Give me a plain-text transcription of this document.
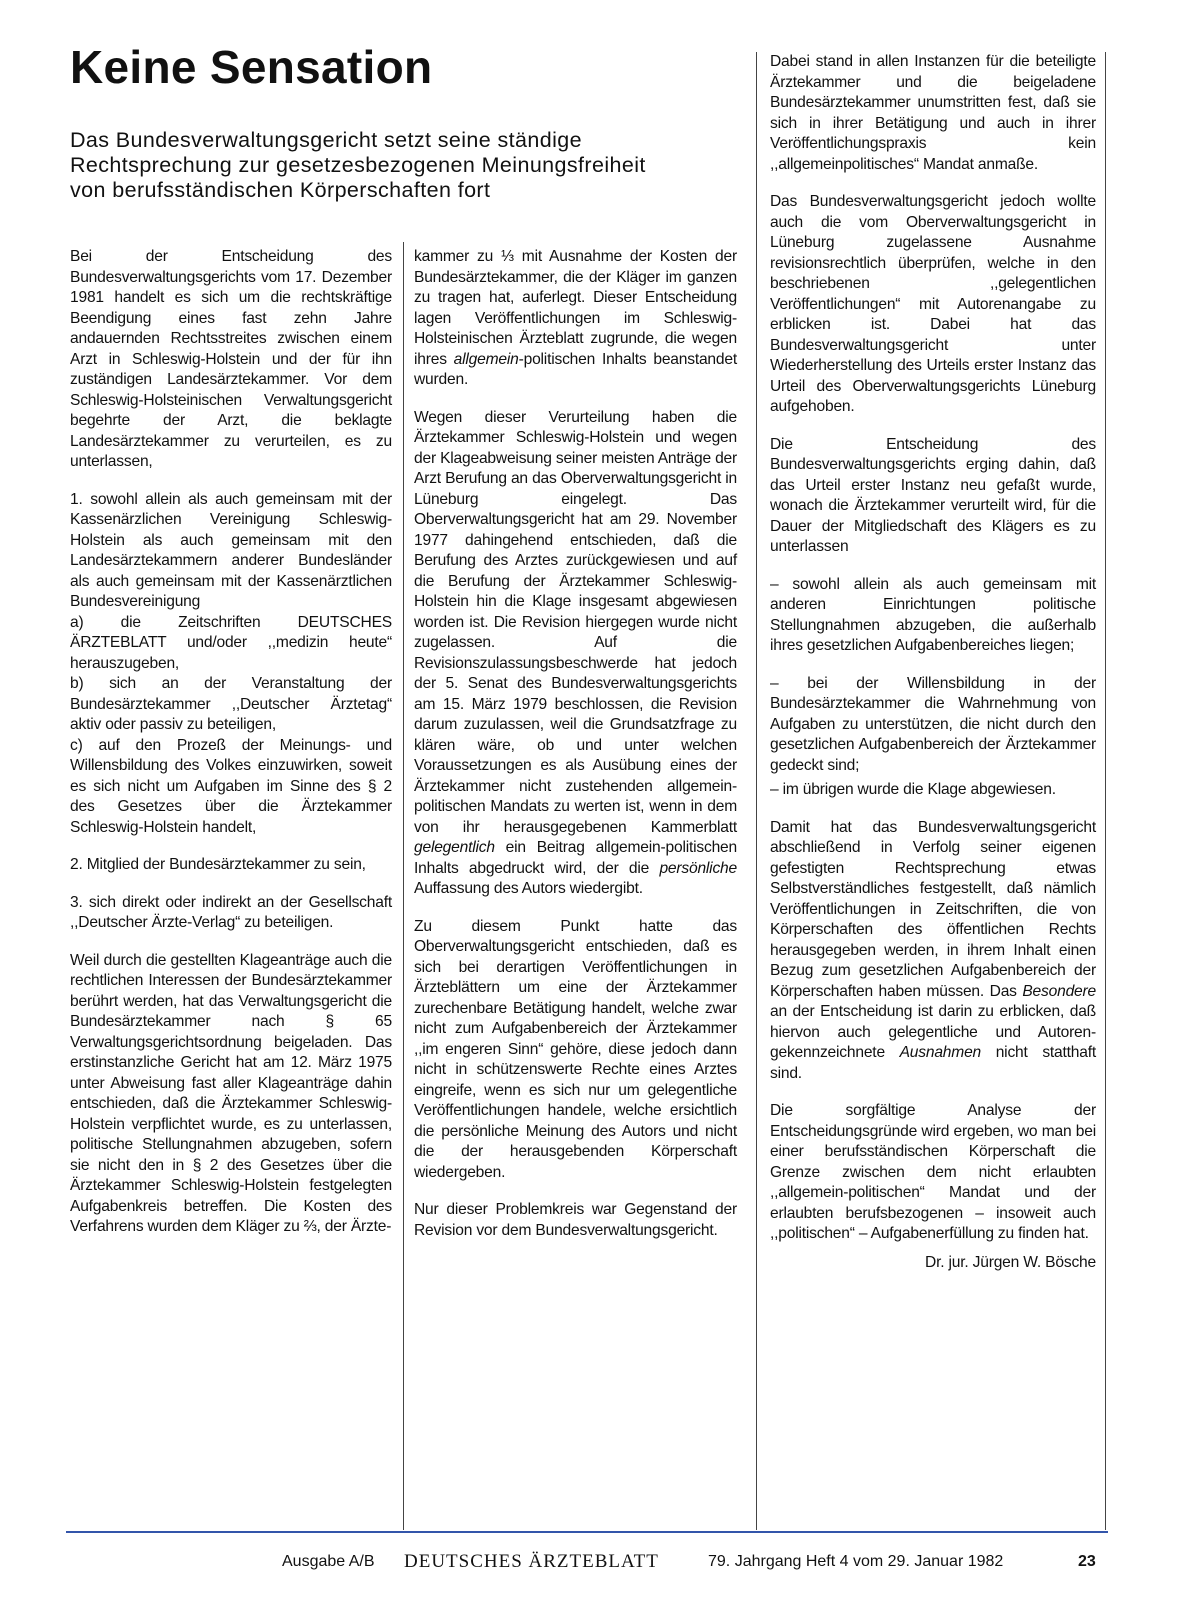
Keine Sensation
Das Bundesverwaltungsgericht setzt seine ständige
Rechtsprechung zur gesetzesbezogenen Meinungsfreiheit
von berufsständischen Körperschaften fort

Bei der Entscheidung des Bundesverwaltungsgerichts vom 17. Dezember 1981 handelt es sich um die rechtskräftige Beendigung eines fast zehn Jahre andauernden Rechtsstreites zwischen einem Arzt in Schleswig-Holstein und der für ihn zuständigen Landesärztekammer. Vor dem Schleswig-Holsteinischen Verwaltungsgericht begehrte der Arzt, die beklagte Landesärztekammer zu verurteilen, es zu unterlassen,

1. sowohl allein als auch gemeinsam mit der Kassenärzlichen Vereinigung Schleswig-Holstein als auch gemeinsam mit den Landesärztekammern anderer Bundesländer als auch gemeinsam mit der Kassenärztlichen Bundesvereinigung

a) die Zeitschriften DEUTSCHES ÄRZTEBLATT und/oder ,,medizin heute“ herauszugeben,

b) sich an der Veranstaltung der Bundesärztekammer ,,Deutscher Ärztetag“ aktiv oder passiv zu beteiligen,

c) auf den Prozeß der Meinungs- und Willensbildung des Volkes einzuwirken, soweit es sich nicht um Aufgaben im Sinne des § 2 des Gesetzes über die Ärztekammer Schleswig-Holstein handelt,

2. Mitglied der Bundesärztekammer zu sein,

3. sich direkt oder indirekt an der Gesellschaft ,,Deutscher Ärzte-Verlag“ zu beteiligen.

Weil durch die gestellten Klageanträge auch die rechtlichen Interessen der Bundesärztekammer berührt werden, hat das Verwaltungsgericht die Bundesärztekammer nach § 65 Verwaltungsgerichtsordnung beigeladen. Das erstinstanzliche Gericht hat am 12. März 1975 unter Abweisung fast aller Klageanträge dahin entschieden, daß die Ärztekammer Schleswig-Holstein verpflichtet wurde, es zu unterlassen, politische Stellungnahmen abzugeben, sofern sie nicht den in § 2 des Gesetzes über die Ärztekammer Schleswig-Holstein festgelegten Aufgabenkreis betreffen. Die Kosten des Verfahrens wurden dem Kläger zu ⅔, der Ärzte-

kammer zu ⅓ mit Ausnahme der Kosten der Bundesärztekammer, die der Kläger im ganzen zu tragen hat, auferlegt. Dieser Entscheidung lagen Veröffentlichungen im Schleswig-Holsteinischen Ärzteblatt zugrunde, die wegen ihres allgemein-politischen Inhalts beanstandet wurden.

Wegen dieser Verurteilung haben die Ärztekammer Schleswig-Holstein und wegen der Klageabweisung seiner meisten Anträge der Arzt Berufung an das Oberverwaltungsgericht in Lüneburg eingelegt. Das Oberverwaltungsgericht hat am 29. November 1977 dahingehend entschieden, daß die Berufung des Arztes zurückgewiesen und auf die Berufung der Ärztekammer Schleswig-Holstein hin die Klage insgesamt abgewiesen worden ist. Die Revision hiergegen wurde nicht zugelassen. Auf die Revisionszulassungsbeschwerde hat jedoch der 5. Senat des Bundesverwaltungsgerichts am 15. März 1979 beschlossen, die Revision darum zuzulassen, weil die Grundsatzfrage zu klären wäre, ob und unter welchen Voraussetzungen es als Ausübung eines der Ärztekammer nicht zustehenden allgemein-politischen Mandats zu werten ist, wenn in dem von ihr herausgegebenen Kammerblatt gelegentlich ein Beitrag allgemein-politischen Inhalts abgedruckt wird, der die persönliche Auffassung des Autors wiedergibt.

Zu diesem Punkt hatte das Oberverwaltungsgericht entschieden, daß es sich bei derartigen Veröffentlichungen in Ärzteblättern um eine der Ärztekammer zurechenbare Betätigung handelt, welche zwar nicht zum Aufgabenbereich der Ärztekammer ,,im engeren Sinn“ gehöre, diese jedoch dann nicht in schützenswerte Rechte eines Arztes eingreife, wenn es sich nur um gelegentliche Veröffentlichungen handele, welche ersichtlich die persönliche Meinung des Autors und nicht die der herausgebenden Körperschaft wiedergeben.

Nur dieser Problemkreis war Gegenstand der Revision vor dem Bundesverwaltungsgericht.

Dabei stand in allen Instanzen für die beteiligte Ärztekammer und die beigeladene Bundesärztekammer unumstritten fest, daß sie sich in ihrer Betätigung und auch in ihrer Veröffentlichungspraxis kein ,,allgemeinpolitisches“ Mandat anmaße.

Das Bundesverwaltungsgericht jedoch wollte auch die vom Oberverwaltungsgericht in Lüneburg zugelassene Ausnahme revisionsrechtlich überprüfen, welche in den beschriebenen ,,gelegentlichen Veröffentlichungen“ mit Autorenangabe zu erblicken ist. Dabei hat das Bundesverwaltungsgericht unter Wiederherstellung des Urteils erster Instanz das Urteil des Oberverwaltungsgerichts Lüneburg aufgehoben.

Die Entscheidung des Bundesverwaltungsgerichts erging dahin, daß das Urteil erster Instanz neu gefaßt wurde, wonach die Ärztekammer verurteilt wird, für die Dauer der Mitgliedschaft des Klägers es zu unterlassen

– sowohl allein als auch gemeinsam mit anderen Einrichtungen politische Stellungnahmen abzugeben, die außerhalb ihres gesetzlichen Aufgabenbereiches liegen;

– bei der Willensbildung in der Bundesärztekammer die Wahrnehmung von Aufgaben zu unterstützen, die nicht durch den gesetzlichen Aufgabenbereich der Ärztekammer gedeckt sind;

– im übrigen wurde die Klage abgewiesen.

Damit hat das Bundesverwaltungsgericht abschließend in Verfolg seiner eigenen gefestigten Rechtsprechung etwas Selbstverständliches festgestellt, daß nämlich Veröffentlichungen in Zeitschriften, die von Körperschaften des öffentlichen Rechts herausgegeben werden, in ihrem Inhalt einen Bezug zum gesetzlichen Aufgabenbereich der Körperschaften haben müssen. Das Besondere an der Entscheidung ist darin zu erblicken, daß hiervon auch gelegentliche und Autoren-gekennzeichnete Ausnahmen nicht statthaft sind.

Die sorgfältige Analyse der Entscheidungsgründe wird ergeben, wo man bei einer berufsständischen Körperschaft die Grenze zwischen dem nicht erlaubten ,,allgemein-politischen“ Mandat und der erlaubten berufsbezogenen – insoweit auch ,,politischen“ – Aufgabenerfüllung zu finden hat.

Dr. jur. Jürgen W. Bösche
Ausgabe A/B DEUTSCHES ÄRZTEBLATT	79. Jahrgang Heft 4 vom 29. Januar 1982	23
